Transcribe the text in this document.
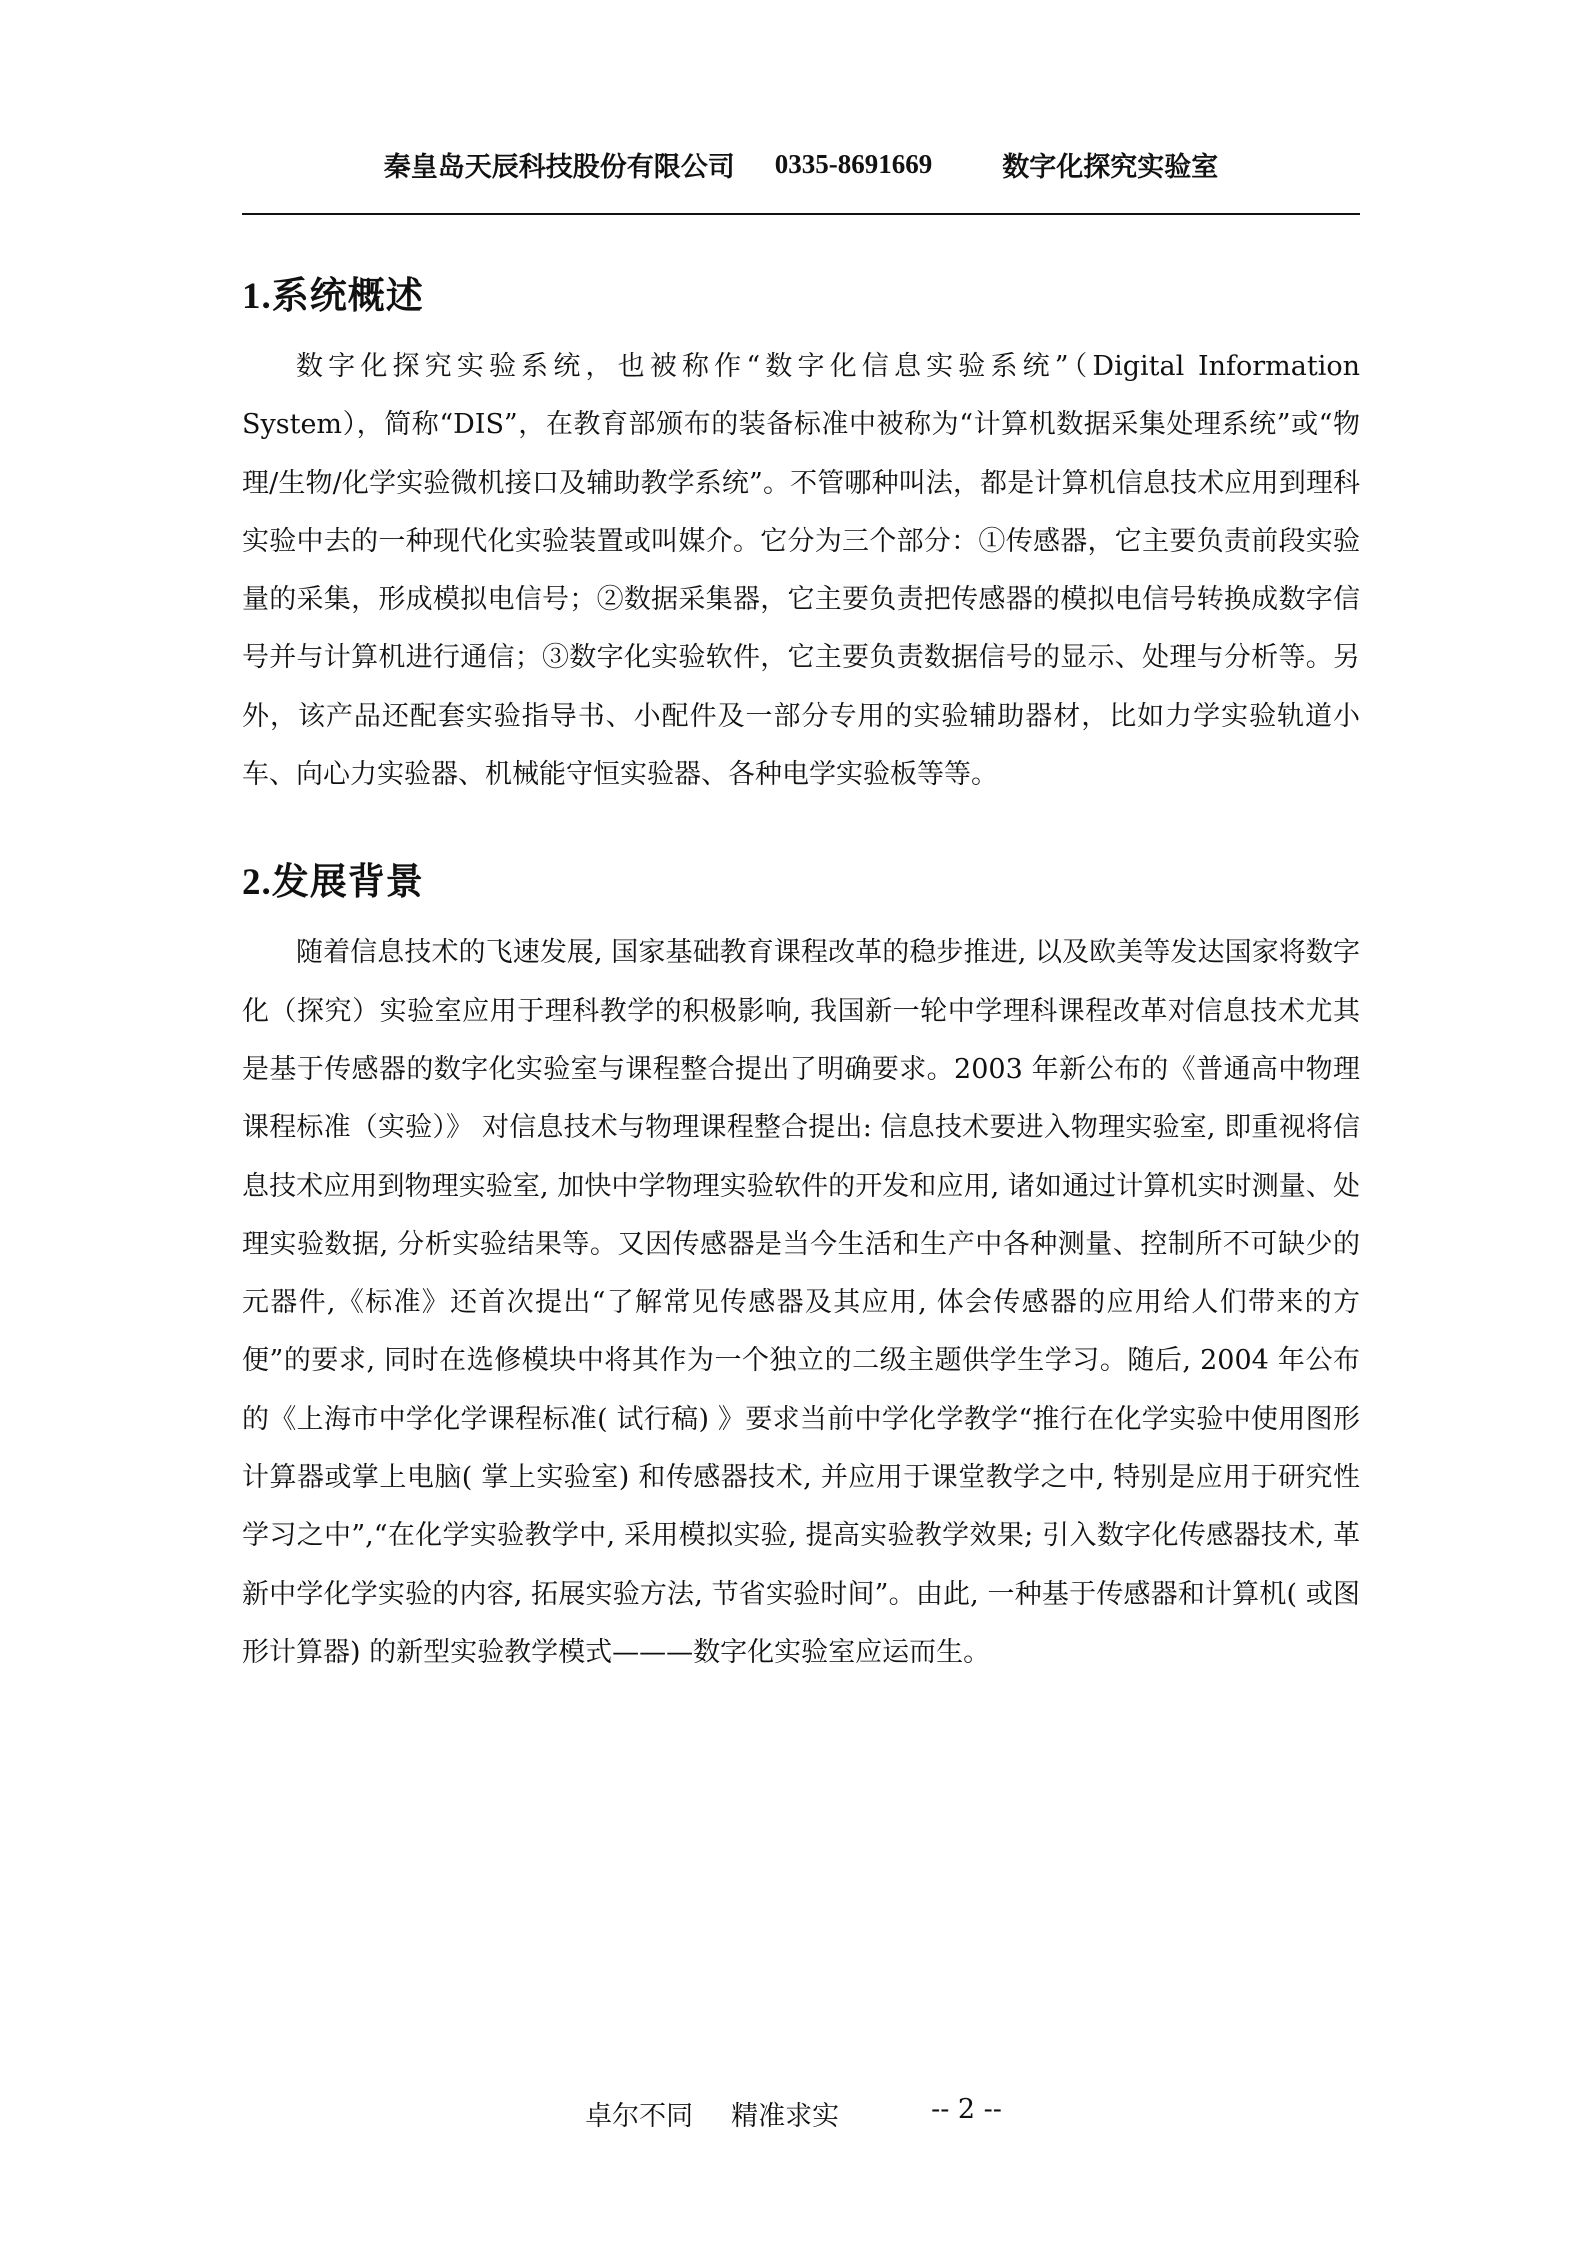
秦皇岛天辰科技股份有限公司 0335-8691669	数字化探究实验室
1.系统概述

数字化探究实验系统，也被称作“数字化信息实验系统”（Digital Information System），简称“DIS”，在教育部颁布的装备标准中被称为“计算机数据采集处理系统”或“物理/生物/化学实验微机接口及辅助教学系统”。不管哪种叫法，都是计算机信息技术应用到理科实验中去的一种现代化实验装置或叫媒介。它分为三个部分：①传感器，它主要负责前段实验量的采集，形成模拟电信号；②数据采集器，它主要负责把传感器的模拟电信号转换成数字信号并与计算机进行通信；③数字化实验软件，它主要负责数据信号的显示、处理与分析等。另外，该产品还配套实验指导书、小配件及一部分专用的实验辅助器材，比如力学实验轨道小车、向心力实验器、机械能守恒实验器、各种电学实验板等等。

2.发展背景

随着信息技术的飞速发展, 国家基础教育课程改革的稳步推进, 以及欧美等发达国家将数字化（探究）实验室应用于理科教学的积极影响, 我国新一轮中学理科课程改革对信息技术尤其是基于传感器的数字化实验室与课程整合提出了明确要求。2003 年新公布的《普通高中物理课程标准（实验）》 对信息技术与物理课程整合提出: 信息技术要进入物理实验室, 即重视将信息技术应用到物理实验室, 加快中学物理实验软件的开发和应用, 诸如通过计算机实时测量、处理实验数据, 分析实验结果等。又因传感器是当今生活和生产中各种测量、控制所不可缺少的元器件,《标准》还首次提出“了解常见传感器及其应用, 体会传感器的应用给人们带来的方便”的要求, 同时在选修模块中将其作为一个独立的二级主题供学生学习。随后, 2004 年公布的《上海市中学化学课程标准( 试行稿) 》要求当前中学化学教学“推行在化学实验中使用图形计算器或掌上电脑( 掌上实验室) 和传感器技术, 并应用于课堂教学之中, 特别是应用于研究性学习之中”,“在化学实验教学中, 采用模拟实验, 提高实验教学效果; 引入数字化传感器技术, 革新中学化学实验的内容, 拓展实验方法, 节省实验时间”。由此, 一种基于传感器和计算机( 或图形计算器) 的新型实验教学模式———数字化实验室应运而生。

卓尔不同 精准求实	-- 2 --
